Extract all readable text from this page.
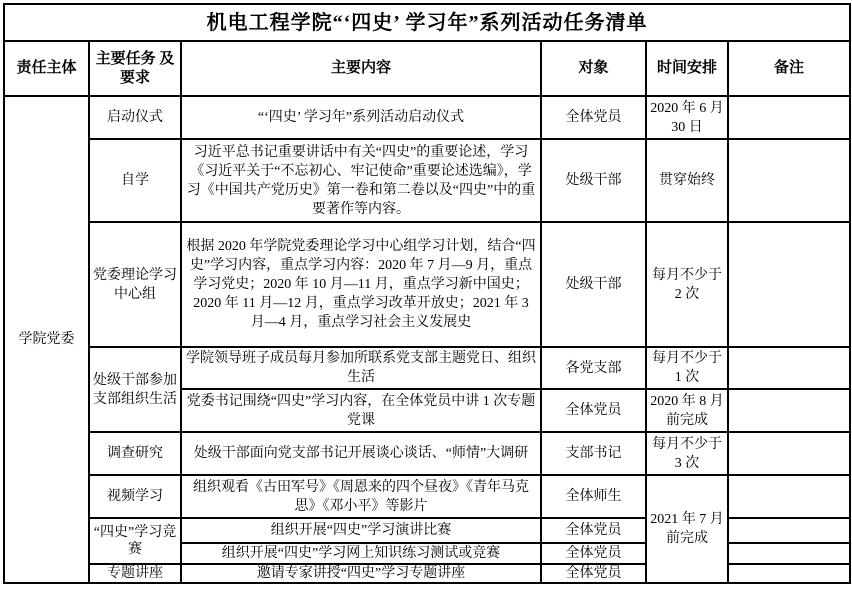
机电工程学院“‘四史’ 学习年”系列活动任务清单					
责任主体	主要任务 及要求	主要内容	对象	时间安排	备注
学院党委	启动仪式	“‘四史’ 学习年”系列活动启动仪式	全体党员	2020 年 6 月 30 日	
	自学	习近平总书记重要讲话中有关“四史”的重要论述，学习《习近平关于“不忘初心、牢记使命”重要论述选编》，学习《中国共产党历史》第一卷和第二卷以及“四史”中的重要著作等内容。	处级干部	贯穿始终	
	党委理论学习中心组	根据 2020 年学院党委理论学习中心组学习计划，结合“四史”学习内容，重点学习内容：2020 年 7 月—9 月，重点学习党史；2020 年 10 月—11 月，重点学习新中国史；2020 年 11 月—12 月，重点学习改革开放史；2021 年 3 月—4 月，重点学习社会主义发展史	处级干部	每月不少于 2 次	
	处级干部参加支部组织生活	学院领导班子成员每月参加所联系党支部主题党日、组织生活	各党支部	每月不少于 1 次	
		党委书记围绕“四史”学习内容，在全体党员中讲 1 次专题党课	全体党员	2020 年 8 月前完成	
	调查研究	处级干部面向党支部书记开展谈心谈话、“师情”大调研	支部书记	每月不少于 3 次	
	视频学习	组织观看《古田军号》《周恩来的四个昼夜》《青年马克思》《邓小平》等影片	全体师生	2021 年 7 月前完成	
	“四史”学习竞赛	组织开展“四史”学习演讲比赛	全体党员		
		组织开展“四史”学习网上知识练习测试或竞赛	全体党员		
	专题讲座	邀请专家讲授“四史”学习专题讲座	全体党员		
